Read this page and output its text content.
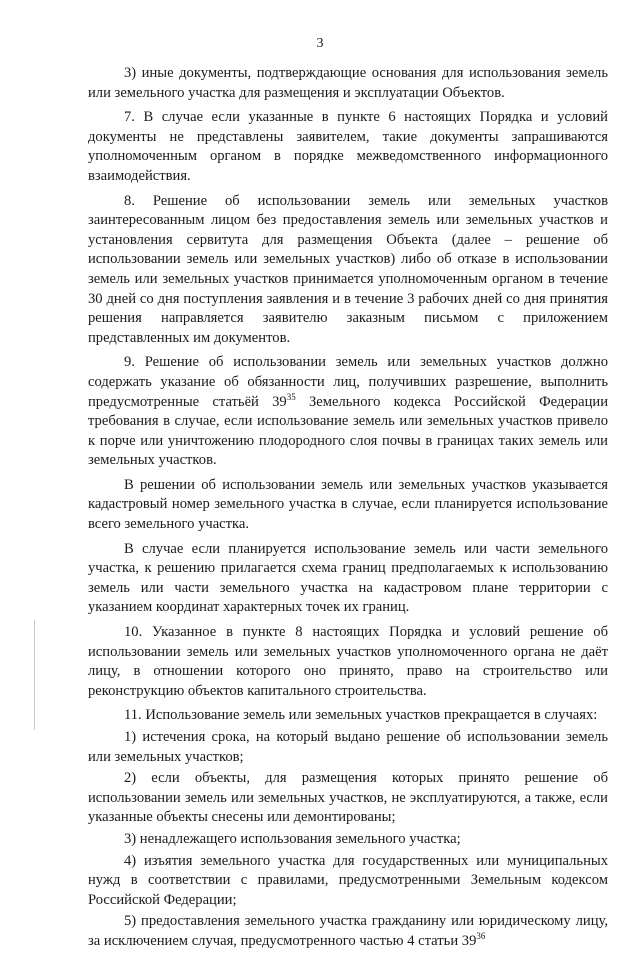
3

3) иные документы, подтверждающие основания для использования земель или земельного участка для размещения и эксплуатации Объектов.

7. В случае если указанные в пункте 6 настоящих Порядка и условий документы не представлены заявителем, такие документы запрашиваются уполномоченным органом в порядке межведомственного информационного взаимодействия.

8. Решение об использовании земель или земельных участков заинтересованным лицом без предоставления земель или земельных участков и установления сервитута для размещения Объекта (далее – решение об использовании земель или земельных участков) либо об отказе в использовании земель или земельных участков принимается уполномоченным органом в течение 30 дней со дня поступления заявления и в течение 3 рабочих дней со дня принятия решения направляется заявителю заказным письмом с приложением представленных им документов.

9. Решение об использовании земель или земельных участков должно содержать указание об обязанности лиц, получивших разрешение, выполнить предусмотренные статьёй $39^{35}$ Земельного кодекса Российской Федерации требования в случае, если использование земель или земельных участков привело к порче или уничтожению плодородного слоя почвы в границах таких земель или земельных участков.

В решении об использовании земель или земельных участков указывается кадастровый номер земельного участка в случае, если планируется использование всего земельного участка.

В случае если планируется использование земель или части земельного участка, к решению прилагается схема границ предполагаемых к использованию земель или части земельного участка на кадастровом плане территории с указанием координат характерных точек их границ.

10. Указанное в пункте 8 настоящих Порядка и условий решение об использовании земель или земельных участков уполномоченного органа не даёт лицу, в отношении которого оно принято, право на строительство или реконструкцию объектов капитального строительства.

11. Использование земель или земельных участков прекращается в случаях:

1) истечения срока, на который выдано решение об использовании земель или земельных участков;

2) если объекты, для размещения которых принято решение об использовании земель или земельных участков, не эксплуатируются, а также, если указанные объекты снесены или демонтированы;

3) ненадлежащего использования земельного участка;

4) изъятия земельного участка для государственных или муниципальных нужд в соответствии с правилами, предусмотренными Земельным кодексом Российской Федерации;

5) предоставления земельного участка гражданину или юридическому лицу, за исключением случая, предусмотренного частью 4 статьи $39^{36}$
